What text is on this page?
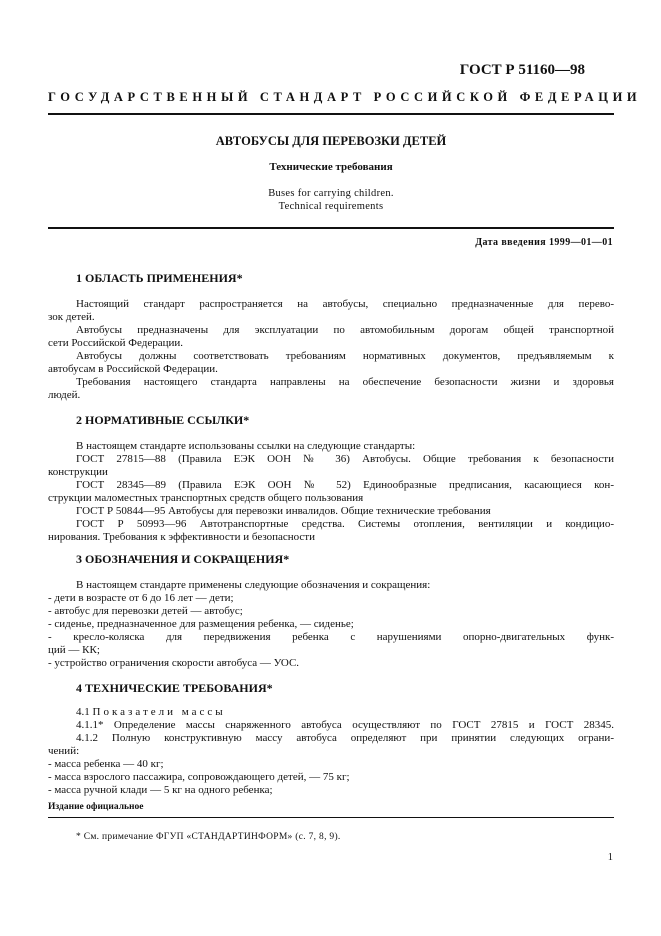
ГОСТ Р 51160—98
ГОСУДАРСТВЕННЫЙ СТАНДАРТ РОССИЙСКОЙ ФЕДЕРАЦИИ
АВТОБУСЫ ДЛЯ ПЕРЕВОЗКИ ДЕТЕЙ
Технические требования
Buses for carrying children.
Technical requirements
Дата введения 1999—01—01
1 ОБЛАСТЬ ПРИМЕНЕНИЯ*
Настоящий стандарт распространяется на автобусы, специально предназначенные для перево-
зок детей.
Автобусы предназначены для эксплуатации по автомобильным дорогам общей транспортной
сети Российской Федерации.
Автобусы должны соответствовать требованиям нормативных документов, предъявляемым к
автобусам в Российской Федерации.
Требования настоящего стандарта направлены на обеспечение безопасности жизни и здоровья
людей.
2 НОРМАТИВНЫЕ ССЫЛКИ*
В настоящем стандарте использованы ссылки на следующие стандарты:
ГОСТ 27815—88 (Правила ЕЭК ООН № 36) Автобусы. Общие требования к безопасности
конструкции
ГОСТ 28345—89 (Правила ЕЭК ООН № 52) Единообразные предписания, касающиеся кон-
струкции маломестных транспортных средств общего пользования
ГОСТ Р 50844—95 Автобусы для перевозки инвалидов. Общие технические требования
ГОСТ Р 50993—96 Автотранспортные средства. Системы отопления, вентиляции и кондицио-
нирования. Требования к эффективности и безопасности
3 ОБОЗНАЧЕНИЯ И СОКРАЩЕНИЯ*
В настоящем стандарте применены следующие обозначения и сокращения:
- дети в возрасте от 6 до 16 лет — дети;
- автобус для перевозки детей — автобус;
- сиденье, предназначенное для размещения ребенка, — сиденье;
- кресло-коляска для передвижения ребенка с нарушениями опорно-двигательных функ-
ций — КК;
- устройство ограничения скорости автобуса — УОС.
4 ТЕХНИЧЕСКИЕ ТРЕБОВАНИЯ*
4.1 Показатели массы
4.1.1* Определение массы снаряженного автобуса осуществляют по ГОСТ 27815 и ГОСТ 28345.
4.1.2 Полную конструктивную массу автобуса определяют при принятии следующих ограни-
чений:
- масса ребенка — 40 кг;
- масса взрослого пассажира, сопровождающего детей, — 75 кг;
- масса ручной клади — 5 кг на одного ребенка;
Издание официальное
* См. примечание ФГУП «СТАНДАРТИНФОРМ» (с. 7, 8, 9).
1
